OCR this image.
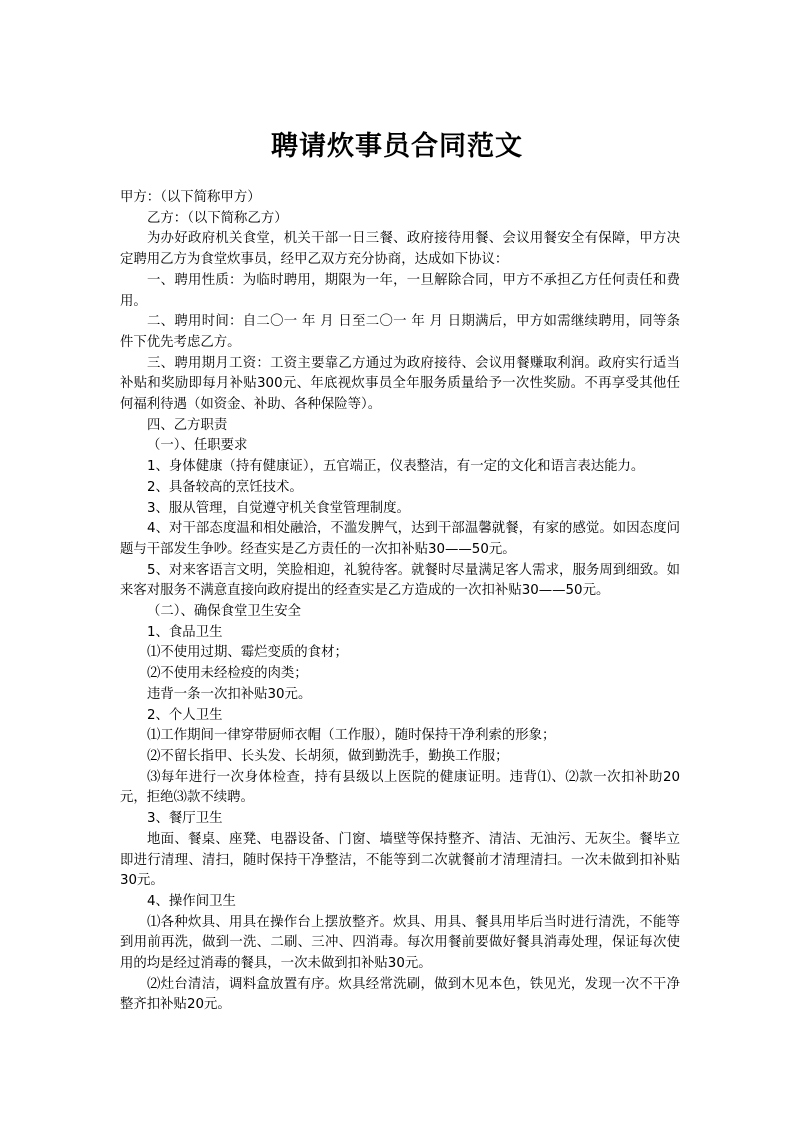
聘请炊事员合同范文

甲方：（以下简称甲方）

乙方：（以下简称乙方）

为办好政府机关食堂，机关干部一日三餐、政府接待用餐、会议用餐安全有保障，甲方决定聘用乙方为食堂炊事员，经甲乙双方充分协商，达成如下协议：

一、聘用性质：为临时聘用，期限为一年，一旦解除合同，甲方不承担乙方任何责任和费用。

二、聘用时间：自二〇一 年 月 日至二〇一 年 月 日期满后，甲方如需继续聘用，同等条件下优先考虑乙方。

三、聘用期月工资：工资主要靠乙方通过为政府接待、会议用餐赚取利润。政府实行适当补贴和奖励即每月补贴300元、年底视炊事员全年服务质量给予一次性奖励。不再享受其他任何福利待遇（如资金、补助、各种保险等）。

四、乙方职责

（一）、任职要求

1、身体健康（持有健康证），五官端正，仪表整洁，有一定的文化和语言表达能力。

2、具备较高的烹饪技术。

3、服从管理，自觉遵守机关食堂管理制度。

4、对干部态度温和相处融洽，不滥发脾气，达到干部温馨就餐，有家的感觉。如因态度问题与干部发生争吵。经查实是乙方责任的一次扣补贴30——50元。

5、对来客语言文明，笑脸相迎，礼貌待客。就餐时尽量满足客人需求，服务周到细致。如来客对服务不满意直接向政府提出的经查实是乙方造成的一次扣补贴30——50元。

（二）、确保食堂卫生安全

1、食品卫生

⑴不使用过期、霉烂变质的食材；

⑵不使用未经检疫的肉类；

违背一条一次扣补贴30元。

2、个人卫生

⑴工作期间一律穿带厨师衣帽（工作服），随时保持干净利索的形象；

⑵不留长指甲、长头发、长胡须，做到勤洗手，勤换工作服；

⑶每年进行一次身体检查，持有县级以上医院的健康证明。违背⑴、⑵款一次扣补助20元，拒绝⑶款不续聘。

3、餐厅卫生

地面、餐桌、座凳、电器设备、门窗、墙壁等保持整齐、清洁、无油污、无灰尘。餐毕立即进行清理、清扫，随时保持干净整洁，不能等到二次就餐前才清理清扫。一次未做到扣补贴30元。

4、操作间卫生

⑴各种炊具、用具在操作台上摆放整齐。炊具、用具、餐具用毕后当时进行清洗，不能等到用前再洗，做到一洗、二刷、三冲、四消毒。每次用餐前要做好餐具消毒处理，保证每次使用的均是经过消毒的餐具，一次未做到扣补贴30元。

⑵灶台清洁，调料盒放置有序。炊具经常洗刷，做到木见本色，铁见光，发现一次不干净整齐扣补贴20元。
